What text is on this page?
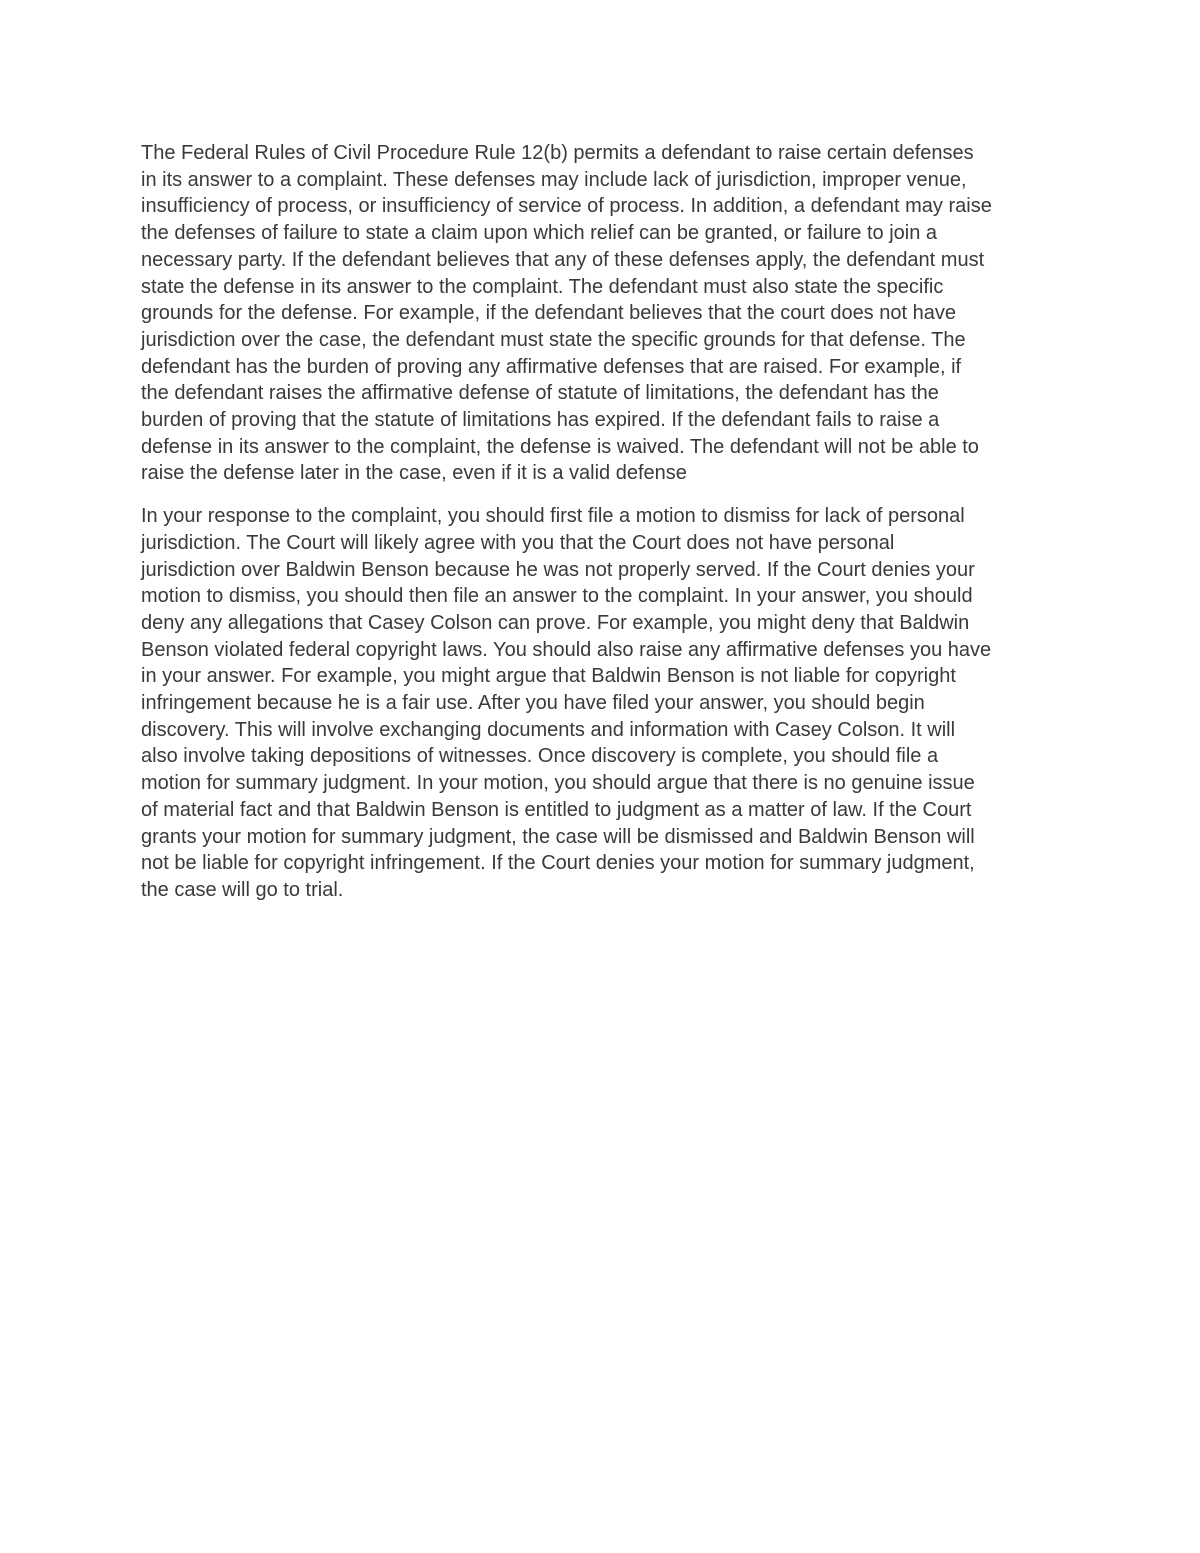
The Federal Rules of Civil Procedure Rule 12(b) permits a defendant to raise certain defenses
in its answer to a complaint. These defenses may include lack of jurisdiction, improper venue,
insufficiency of process, or insufficiency of service of process. In addition, a defendant may raise
the defenses of failure to state a claim upon which relief can be granted, or failure to join a
necessary party. If the defendant believes that any of these defenses apply, the defendant must
state the defense in its answer to the complaint. The defendant must also state the specific
grounds for the defense. For example, if the defendant believes that the court does not have
jurisdiction over the case, the defendant must state the specific grounds for that defense. The
defendant has the burden of proving any affirmative defenses that are raised. For example, if
the defendant raises the affirmative defense of statute of limitations, the defendant has the
burden of proving that the statute of limitations has expired. If the defendant fails to raise a
defense in its answer to the complaint, the defense is waived. The defendant will not be able to
raise the defense later in the case, even if it is a valid defense

In your response to the complaint, you should first file a motion to dismiss for lack of personal
jurisdiction. The Court will likely agree with you that the Court does not have personal
jurisdiction over Baldwin Benson because he was not properly served. If the Court denies your
motion to dismiss, you should then file an answer to the complaint. In your answer, you should
deny any allegations that Casey Colson can prove. For example, you might deny that Baldwin
Benson violated federal copyright laws. You should also raise any affirmative defenses you have
in your answer. For example, you might argue that Baldwin Benson is not liable for copyright
infringement because he is a fair use. After you have filed your answer, you should begin
discovery. This will involve exchanging documents and information with Casey Colson. It will
also involve taking depositions of witnesses. Once discovery is complete, you should file a
motion for summary judgment. In your motion, you should argue that there is no genuine issue
of material fact and that Baldwin Benson is entitled to judgment as a matter of law. If the Court
grants your motion for summary judgment, the case will be dismissed and Baldwin Benson will
not be liable for copyright infringement. If the Court denies your motion for summary judgment,
the case will go to trial.
